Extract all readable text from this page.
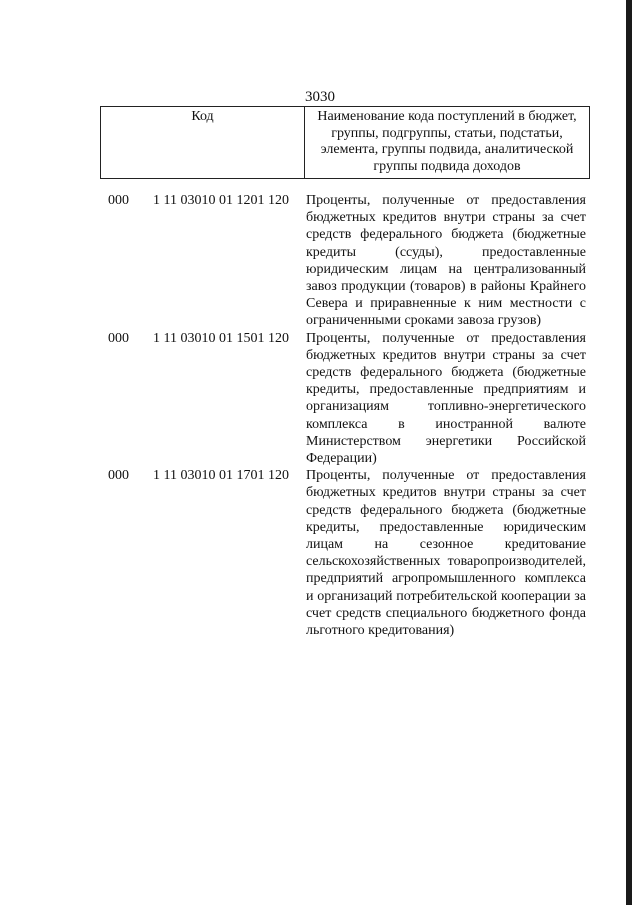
3030
Код	Наименование кода поступлений в бюджет, группы, подгруппы, статьи, подстатьи, элемента, группы подвида, аналитической группы подвида доходов
000 1 11 03010 01 1201 120 Проценты, полученные от предоставления бюджетных кредитов внутри страны за счет средств федерального бюджета (бюджетные кредиты (ссуды), предоставленные юридическим лицам на централизованный завоз продукции (товаров) в районы Крайнего Севера и приравненные к ним местности с ограниченными сроками завоза грузов)
000 1 11 03010 01 1501 120 Проценты, полученные от предоставления бюджетных кредитов внутри страны за счет средств федерального бюджета (бюджетные кредиты, предоставленные предприятиям и организациям топливно-энергетического комплекса в иностранной валюте Министерством энергетики Российской Федерации)
000 1 11 03010 01 1701 120 Проценты, полученные от предоставления бюджетных кредитов внутри страны за счет средств федерального бюджета (бюджетные кредиты, предоставленные юридическим лицам на сезонное кредитование сельскохозяйственных товаропроизводителей, предприятий агропромышленного комплекса и организаций потребительской кооперации за счет средств специального бюджетного фонда льготного кредитования)
